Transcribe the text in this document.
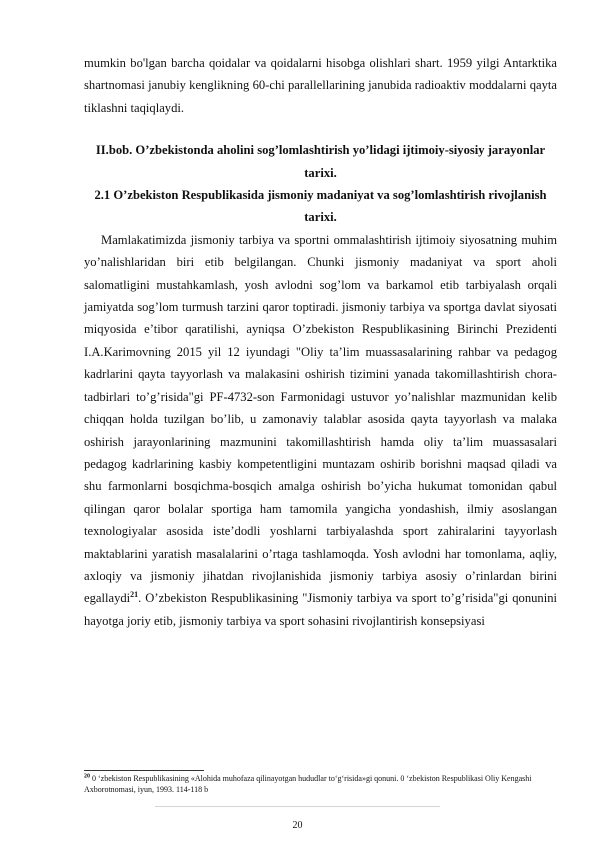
mumkin bo'lgan barcha qoidalar va qoidalarni hisobga olishlari shart. 1959 yilgi Antarktika shartnomasi janubiy kenglikning 60-chi parallellarining janubida radioaktiv moddalarni qayta tiklashni taqiqlaydi.

II.bob. O’zbekistonda aholini sog’lomlashtirish yo’lidagi ijtimoiy-siyosiy jarayonlar tarixi.

2.1 O’zbekiston Respublikasida jismoniy madaniyat va sog’lomlashtirish rivojlanish tarixi.

Mamlakatimizda jismoniy tarbiya va sportni ommalashtirish ijtimoiy siyosatning muhim yo’nalishlaridan biri etib belgilangan. Chunki jismoniy madaniyat va sport aholi salomatligini mustahkamlash, yosh avlodni sog’lom va barkamol etib tarbiyalash orqali jamiyatda sog’lom turmush tarzini qaror toptiradi. jismoniy tarbiya va sportga davlat siyosati miqyosida e’tibor qaratilishi, ayniqsa O’zbekiston Respublikasining Birinchi Prezidenti I.A.Karimovning 2015 yil 12 iyundagi "Oliy ta’lim muassasalarining rahbar va pedagog kadrlarini qayta tayyorlash va malakasini oshirish tizimini yanada takomillashtirish chora-tadbirlari to’g’risida"gi PF-4732-son Farmonidagi ustuvor yo’nalishlar mazmunidan kelib chiqqan holda tuzilgan bo’lib, u zamonaviy talablar asosida qayta tayyorlash va malaka oshirish jarayonlarining mazmunini takomillashtirish hamda oliy ta’lim muassasalari pedagog kadrlarining kasbiy kompetentligini muntazam oshirib borishni maqsad qiladi va shu farmonlarni bosqichma-bosqich amalga oshirish bo’yicha hukumat tomonidan qabul qilingan qaror bolalar sportiga ham tamomila yangicha yondashish, ilmiy asoslangan texnologiyalar asosida iste’dodli yoshlarni tarbiyalashda sport zahiralarini tayyorlash maktablarini yaratish masalalarini o’rtaga tashlamoqda. Yosh avlodni har tomonlama, aqliy, axloqiy va jismoniy jihatdan rivojlanishida jismoniy tarbiya asosiy o’rinlardan birini egallaydi$^{21}$. O’zbekiston Respublikasining "Jismoniy tarbiya va sport to’g’risida"gi qonunini hayotga joriy etib, jismoniy tarbiya va sport sohasini rivojlantirish konsepsiyasi

$^{20}$ 0 ‘zbekiston Respublikasining «Alohida muhofaza qilinayotgan hududlar to‘g‘risida»gi qonuni. 0 ‘zbekiston Respublikasi Oliy Kengashi Axborotnomasi, iyun, 1993. 114-118 b
20
